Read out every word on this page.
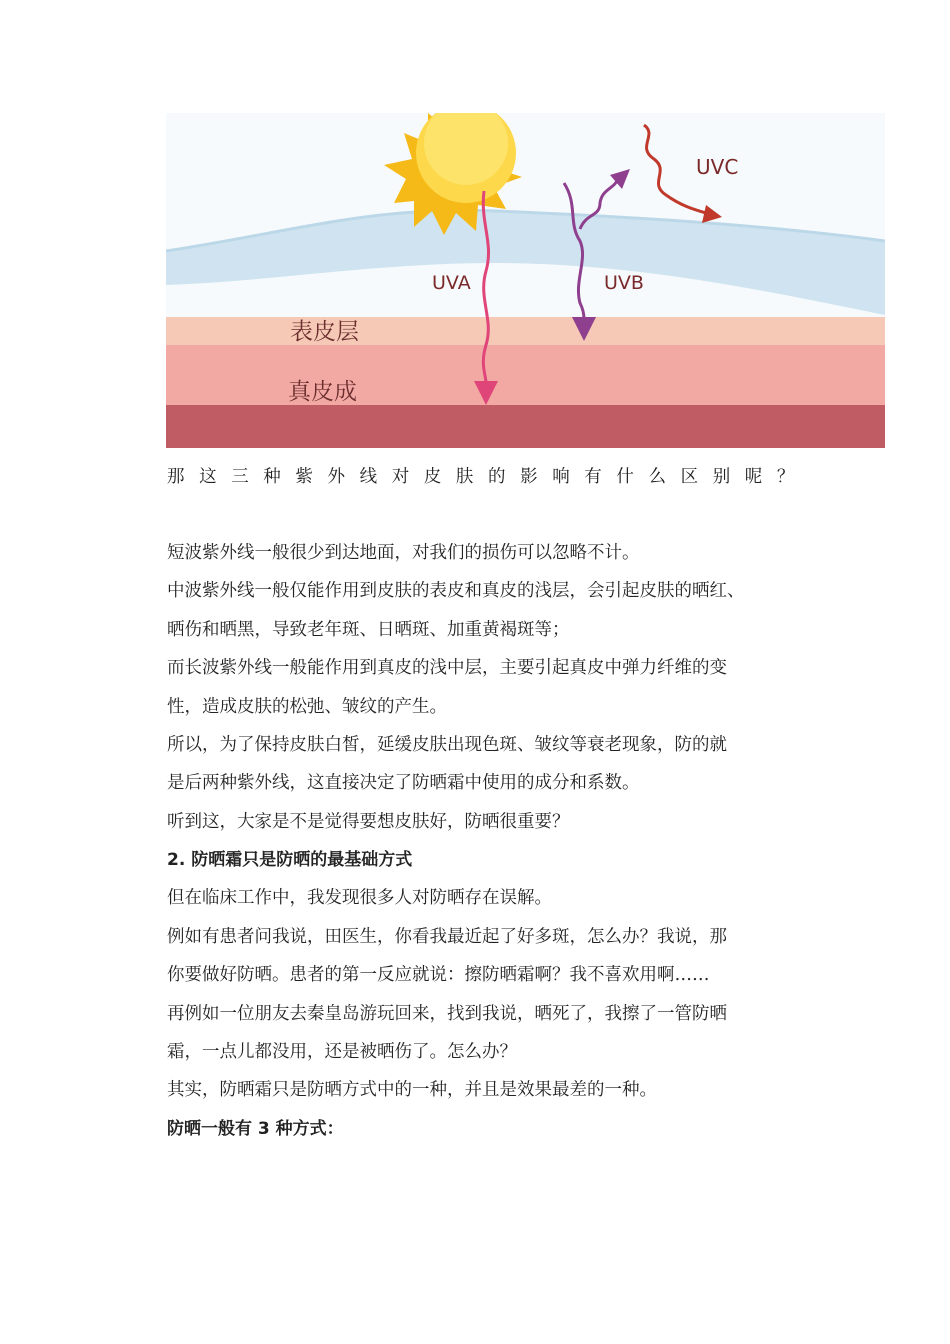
UVC
UVA	UVB
表皮层
真皮成
那这三种紫外线对皮肤的影响有什么区别呢？
短波紫外线一般很少到达地面，对我们的损伤可以忽略不计。
中波紫外线一般仅能作用到皮肤的表皮和真皮的浅层，会引起皮肤的晒红、
晒伤和晒黑，导致老年斑、日晒斑、加重黄褐斑等；
而长波紫外线一般能作用到真皮的浅中层，主要引起真皮中弹力纤维的变
性，造成皮肤的松弛、皱纹的产生。
所以，为了保持皮肤白皙，延缓皮肤出现色斑、皱纹等衰老现象，防的就
是后两种紫外线，这直接决定了防晒霜中使用的成分和系数。
听到这，大家是不是觉得要想皮肤好，防晒很重要？
2. 防晒霜只是防晒的最基础方式
但在临床工作中，我发现很多人对防晒存在误解。
例如有患者问我说，田医生，你看我最近起了好多斑，怎么办？我说，那
你要做好防晒。患者的第一反应就说：擦防晒霜啊？我不喜欢用啊……
再例如一位朋友去秦皇岛游玩回来，找到我说，晒死了，我擦了一管防晒
霜，一点儿都没用，还是被晒伤了。怎么办？
其实，防晒霜只是防晒方式中的一种，并且是效果最差的一种。
防晒一般有 3 种方式：
